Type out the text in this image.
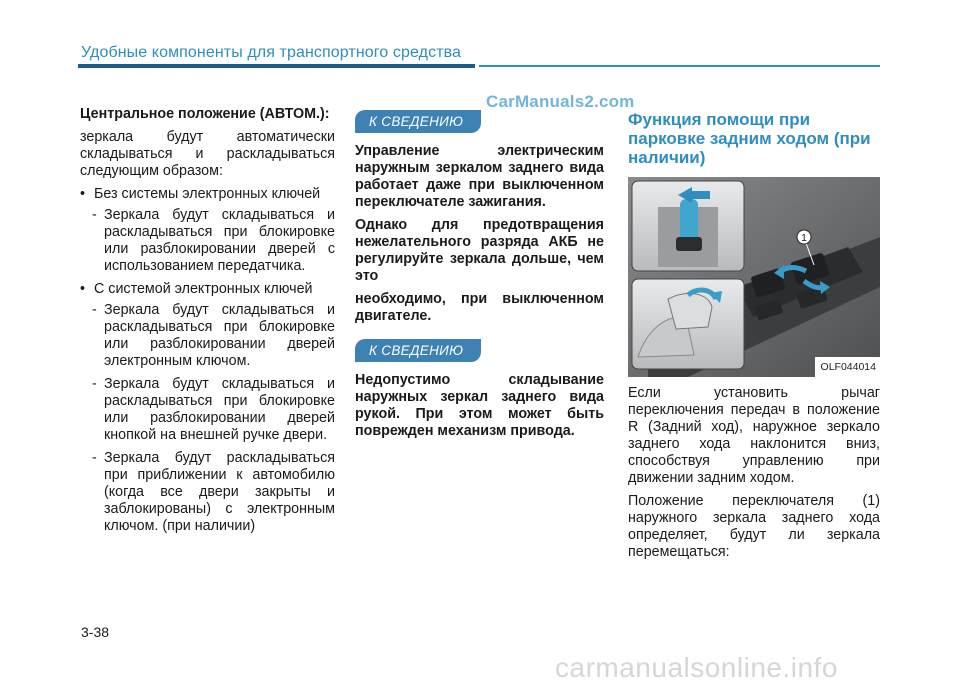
Удобные компоненты для транспортного средства
CarManuals2.com

Центральное положение (АВТОМ.):

зеркала будут автоматически складываться и раскладываться следующим образом:

• Без системы электронных ключей

- Зеркала будут складываться и раскладываться при блокировке или разблокировании дверей с использованием передатчика.

• С системой электронных ключей

- Зеркала будут складываться и раскладываться при блокировке или разблокировании дверей электронным ключом.

- Зеркала будут складываться и раскладываться при блокировке или разблокировании дверей кнопкой на внешней ручке двери.

- Зеркала будут раскладываться при приближении к автомобилю (когда все двери закрыты и заблокированы) с электронным ключом. (при наличии)

К СВЕДЕНИЮ

Управление электрическим наружным зеркалом заднего вида работает даже при выключенном переключателе зажигания.

Однако для предотвращения нежелательного разряда АКБ не регулируйте зеркала дольше, чем это

необходимо, при выключенном двигателе.

К СВЕДЕНИЮ

Недопустимо складывание наружных зеркал заднего вида рукой. При этом может быть поврежден механизм привода.

Функция помощи при парковке задним ходом (при наличии)

1
OLF044014

Если установить рычаг переключения передач в положение R (Задний ход), наружное зеркало заднего хода наклонится вниз, способствуя управлению при движении задним ходом.

Положение переключателя (1) наружного зеркала заднего хода определяет, будут ли зеркала перемещаться:

3-38
carmanualsonline.info
